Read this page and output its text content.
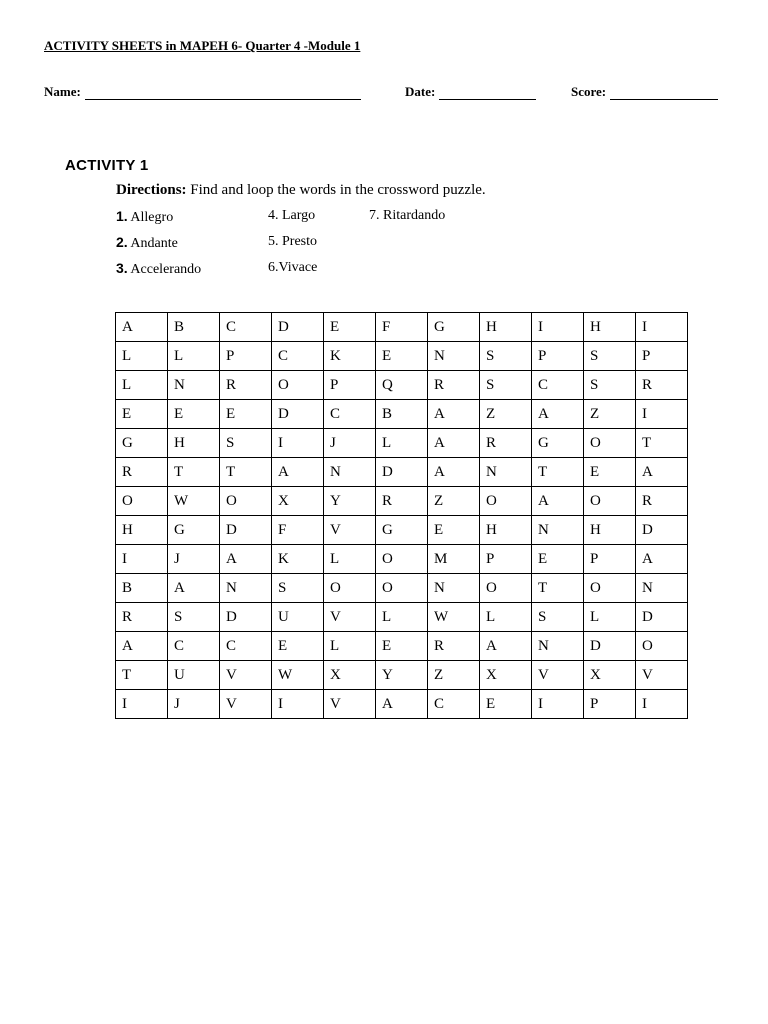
ACTIVITY SHEETS in MAPEH 6- Quarter 4 -Module 1
Name:	Date:	Score:
ACTIVITY 1
Directions: Find and loop the words in the crossword puzzle.
1. Allegro
2. Andante
3. Accelerando
4. Largo
5. Presto
6.Vivace
7. Ritardando
A	B	C	D	E	F	G	H	I	H	I
L	L	P	C	K	E	N	S	P	S	P
L	N	R	O	P	Q	R	S	C	S	R
E	E	E	D	C	B	A	Z	A	Z	I
G	H	S	I	J	L	A	R	G	O	T
R	T	T	A	N	D	A	N	T	E	A
O	W	O	X	Y	R	Z	O	A	O	R
H	G	D	F	V	G	E	H	N	H	D
I	J	A	K	L	O	M	P	E	P	A
B	A	N	S	O	O	N	O	T	O	N
R	S	D	U	V	L	W	L	S	L	D
A	C	C	E	L	E	R	A	N	D	O
T	U	V	W	X	Y	Z	X	V	X	V
I	J	V	I	V	A	C	E	I	P	I
